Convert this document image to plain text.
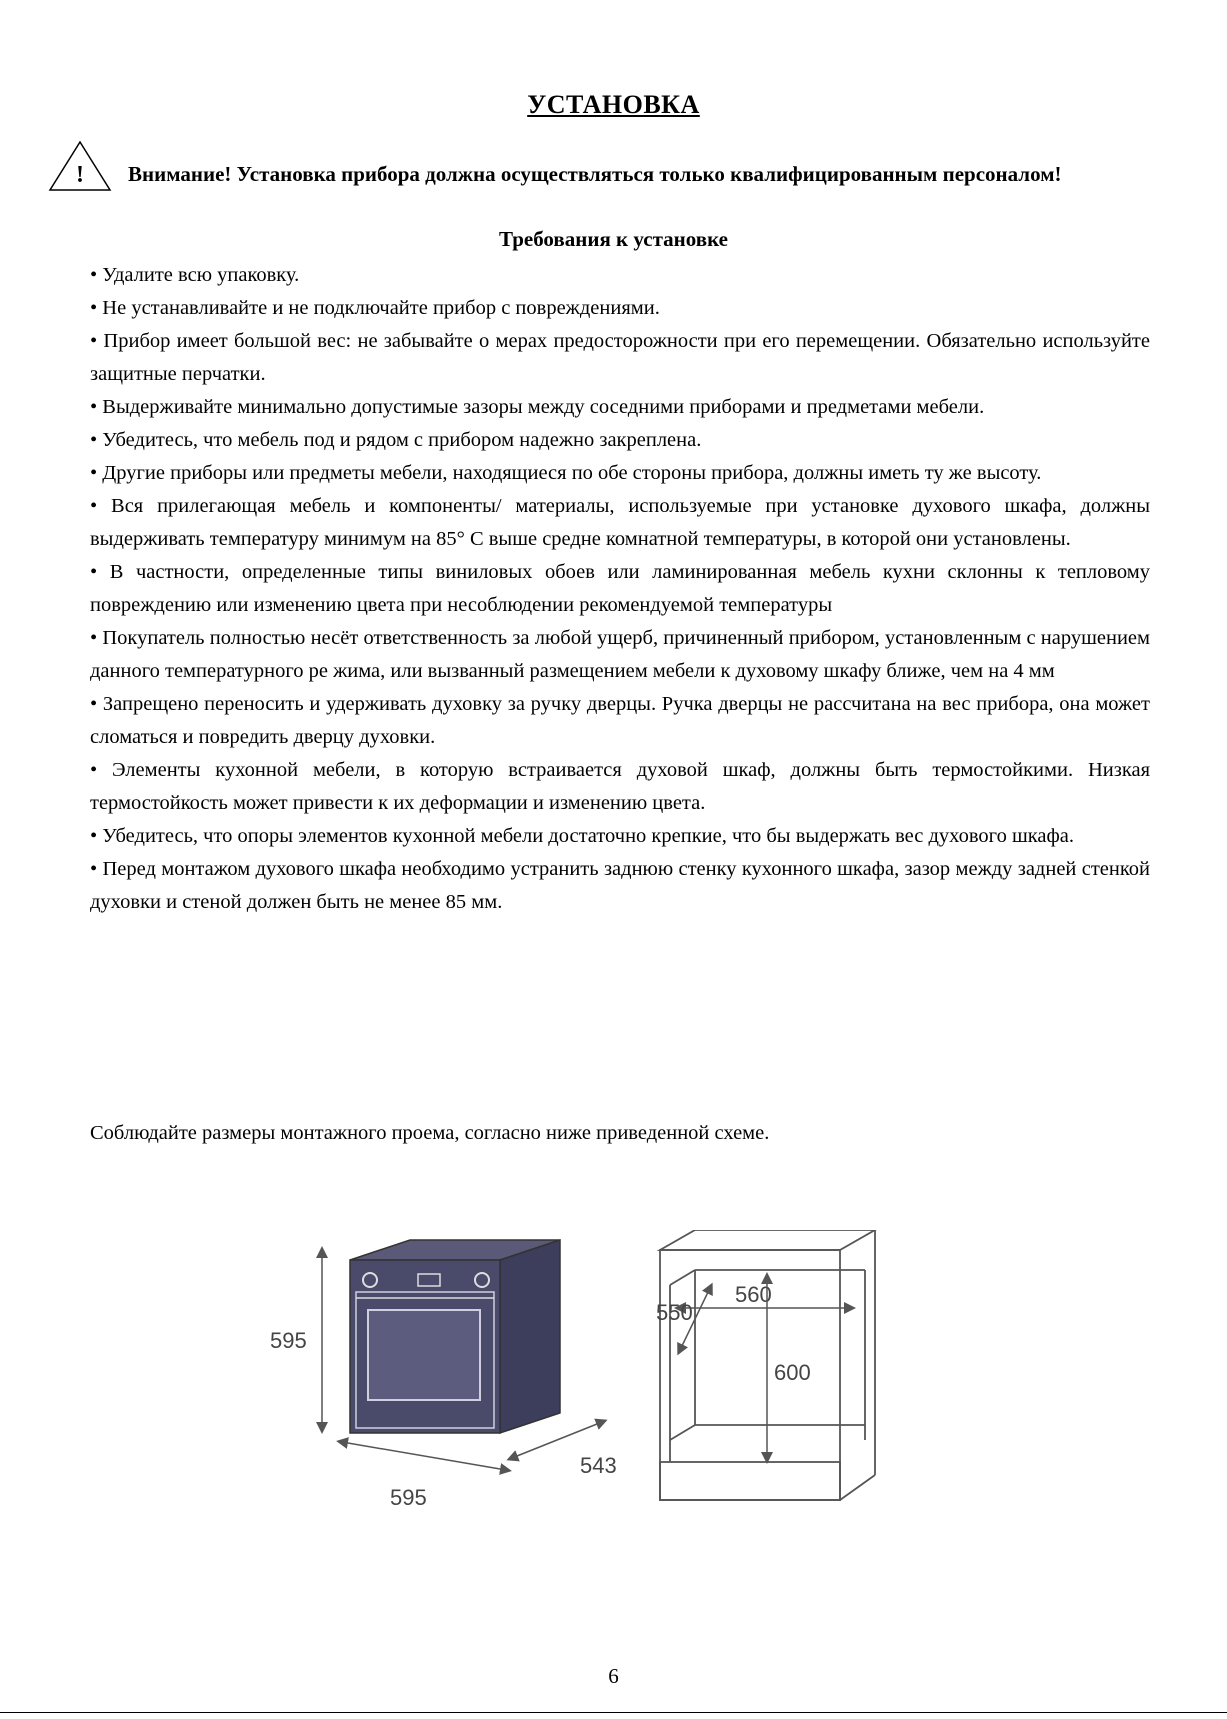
УСТАНОВКА
!	Внимание! Установка прибора должна осуществляться только квалифицированным персоналом!
Требования к установке

• Удалите всю упаковку.

• Не устанавливайте и не подключайте прибор с повреждениями.

• Прибор имеет большой вес: не забывайте о мерах предосторожности при его перемещении. Обязательно используйте защитные перчатки.

• Выдерживайте минимально допустимые зазоры между соседними приборами и предметами мебели.

• Убедитесь, что мебель под и рядом с прибором надежно закреплена.

• Другие приборы или предметы мебели, находящиеся по обе стороны прибора, должны иметь ту же высоту.

• Вся прилегающая мебель и компоненты/ материалы, используемые при установке духового шкафа, должны выдерживать температуру минимум на 85° С выше средне комнатной температуры, в которой они установлены.

• В частности, определенные типы виниловых обоев или ламинированная мебель кухни склонны к тепловому повреждению или изменению цвета при несоблюдении рекомендуемой температуры

• Покупатель полностью несёт ответственность за любой ущерб, причиненный прибором, установленным с нарушением данного температурного ре жима, или вызванный размещением мебели к духовому шкафу ближе, чем на 4 мм

• Запрещено переносить и удерживать духовку за ручку дверцы. Ручка дверцы не рассчитана на вес прибора, она может сломаться и повредить дверцу духовки.

• Элементы кухонной мебели, в которую встраивается духовой шкаф, должны быть термостойкими. Низкая термостойкость может привести к их деформации и изменению цвета.

• Убедитесь, что опоры элементов кухонной мебели достаточно крепкие, что бы выдержать вес духового шкафа.

• Перед монтажом духового шкафа необходимо устранить заднюю стенку кухонного шкафа, зазор между задней стенкой духовки и стеной должен быть не менее 85 мм.

Соблюдайте размеры монтажного проема, согласно ниже приведенной схеме.
595
595
543
560
550
600
6
